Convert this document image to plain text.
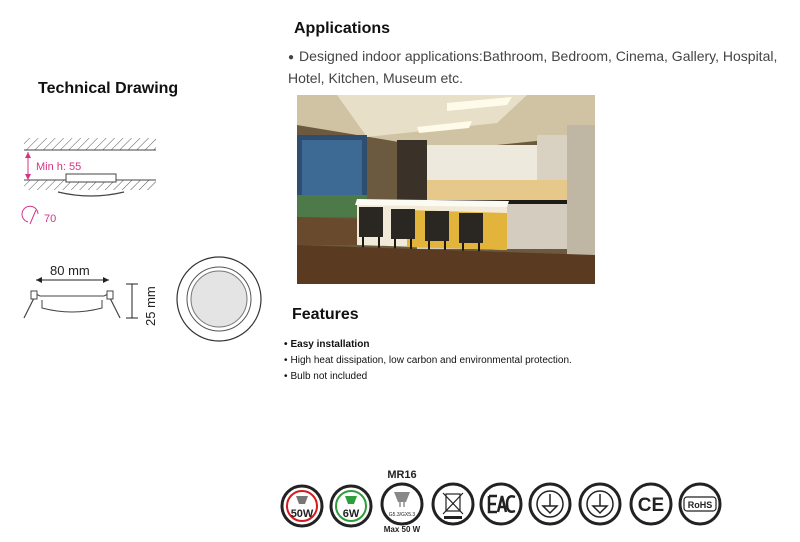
Technical Drawing
Min h: 55
70
80 mm
25 mm
Applications
● Designed indoor applications:Bathroom, Bedroom, Cinema, Gallery, Hospital, Hotel, Kitchen, Museum etc.
Features
• Easy installation
• High heat dissipation, low carbon and environmental protection.
• Bulb not included
50W	6W
MR16
G5.3/GX5.3
Max 50 W
CE	RoHS
